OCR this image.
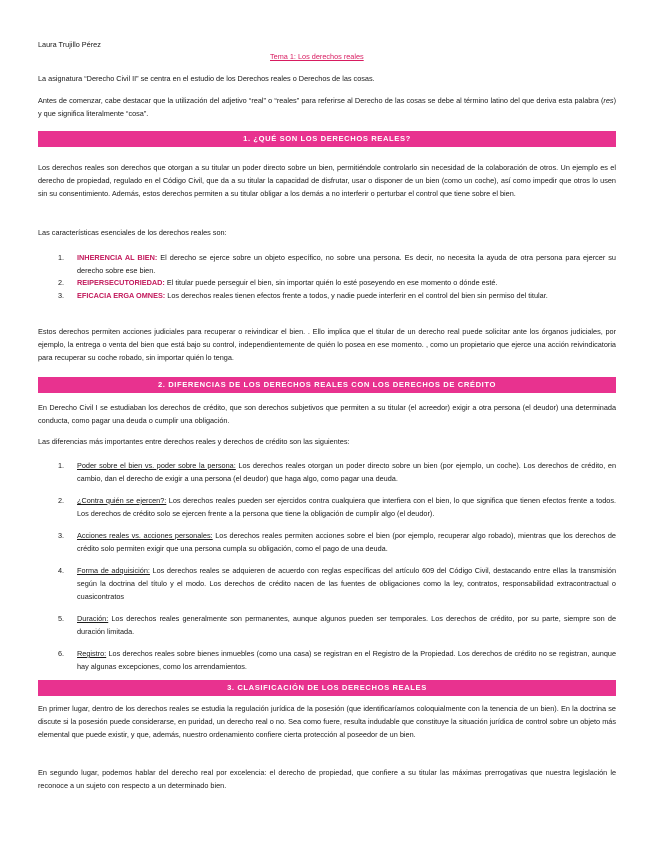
Laura Trujillo Pérez
Tema 1: Los derechos reales
La asignatura “Derecho Civil II” se centra en el estudio de los Derechos reales o Derechos de las cosas.
Antes de comenzar, cabe destacar que la utilización del adjetivo “real” o “reales” para referirse al Derecho de las cosas se debe al término latino del que deriva esta palabra (res) y que significa literalmente “cosa”.
1. ¿QUÉ SON LOS DERECHOS REALES?
Los derechos reales son derechos que otorgan a su titular un poder directo sobre un bien, permitiéndole controlarlo sin necesidad de la colaboración de otros. Un ejemplo es el derecho de propiedad, regulado en el Código Civil, que da a su titular la capacidad de disfrutar, usar o disponer de un bien (como un coche), así como impedir que otros lo usen sin su consentimiento. Además, estos derechos permiten a su titular obligar a los demás a no interferir o perturbar el control que tiene sobre el bien.
Las características esenciales de los derechos reales son:
1.	INHERENCIA AL BIEN: El derecho se ejerce sobre un objeto específico, no sobre una persona. Es decir, no necesita la ayuda de otra persona para ejercer su derecho sobre ese bien.
2.	REIPERSECUTORIEDAD: El titular puede perseguir el bien, sin importar quién lo esté poseyendo en ese momento o dónde esté.
3.	EFICACIA ERGA OMNES: Los derechos reales tienen efectos frente a todos, y nadie puede interferir en el control del bien sin permiso del titular.
Estos derechos permiten acciones judiciales para recuperar o reivindicar el bien. . Ello implica que el titular de un derecho real puede solicitar ante los órganos judiciales, por ejemplo, la entrega o venta del bien que está bajo su control, independientemente de quién lo posea en ese momento. , como un propietario que ejerce una acción reivindicatoria para recuperar su coche robado, sin importar quién lo tenga.
2. DIFERENCIAS DE LOS DERECHOS REALES CON LOS DERECHOS DE CRÉDITO
En Derecho Civil I se estudiaban los derechos de crédito, que son derechos subjetivos que permiten a su titular (el acreedor) exigir a otra persona (el deudor) una determinada conducta, como pagar una deuda o cumplir una obligación.
Las diferencias más importantes entre derechos reales y derechos de crédito son las siguientes:
1.	Poder sobre el bien vs. poder sobre la persona: Los derechos reales otorgan un poder directo sobre un bien (por ejemplo, un coche). Los derechos de crédito, en cambio, dan el derecho de exigir a una persona (el deudor) que haga algo, como pagar una deuda.
2.	¿Contra quién se ejercen?: Los derechos reales pueden ser ejercidos contra cualquiera que interfiera con el bien, lo que significa que tienen efectos frente a todos. Los derechos de crédito solo se ejercen frente a la persona que tiene la obligación de cumplir algo (el deudor).
3.	Acciones reales vs. acciones personales: Los derechos reales permiten acciones sobre el bien (por ejemplo, recuperar algo robado), mientras que los derechos de crédito solo permiten exigir que una persona cumpla su obligación, como el pago de una deuda.
4.	Forma de adquisición: Los derechos reales se adquieren de acuerdo con reglas específicas del artículo 609 del Código Civil, destacando entre ellas la transmisión según la doctrina del título y el modo. Los derechos de crédito nacen de las fuentes de obligaciones como la ley, contratos, responsabilidad extracontractual o cuasicontratos
5.	Duración: Los derechos reales generalmente son permanentes, aunque algunos pueden ser temporales. Los derechos de crédito, por su parte, siempre son de duración limitada.
6.	Registro: Los derechos reales sobre bienes inmuebles (como una casa) se registran en el Registro de la Propiedad. Los derechos de crédito no se registran, aunque hay algunas excepciones, como los arrendamientos.
3. CLASIFICACIÓN DE LOS DERECHOS REALES
En primer lugar, dentro de los derechos reales se estudia la regulación jurídica de la posesión (que identificaríamos coloquialmente con la tenencia de un bien). En la doctrina se discute si la posesión puede considerarse, en puridad, un derecho real o no. Sea como fuere, resulta indudable que constituye la situación jurídica de control sobre un objeto más elemental que puede existir, y que, además, nuestro ordenamiento confiere cierta protección al poseedor de un bien.
En segundo lugar, podemos hablar del derecho real por excelencia: el derecho de propiedad, que confiere a su titular las máximas prerrogativas que nuestra legislación le reconoce a un sujeto con respecto a un determinado bien.
